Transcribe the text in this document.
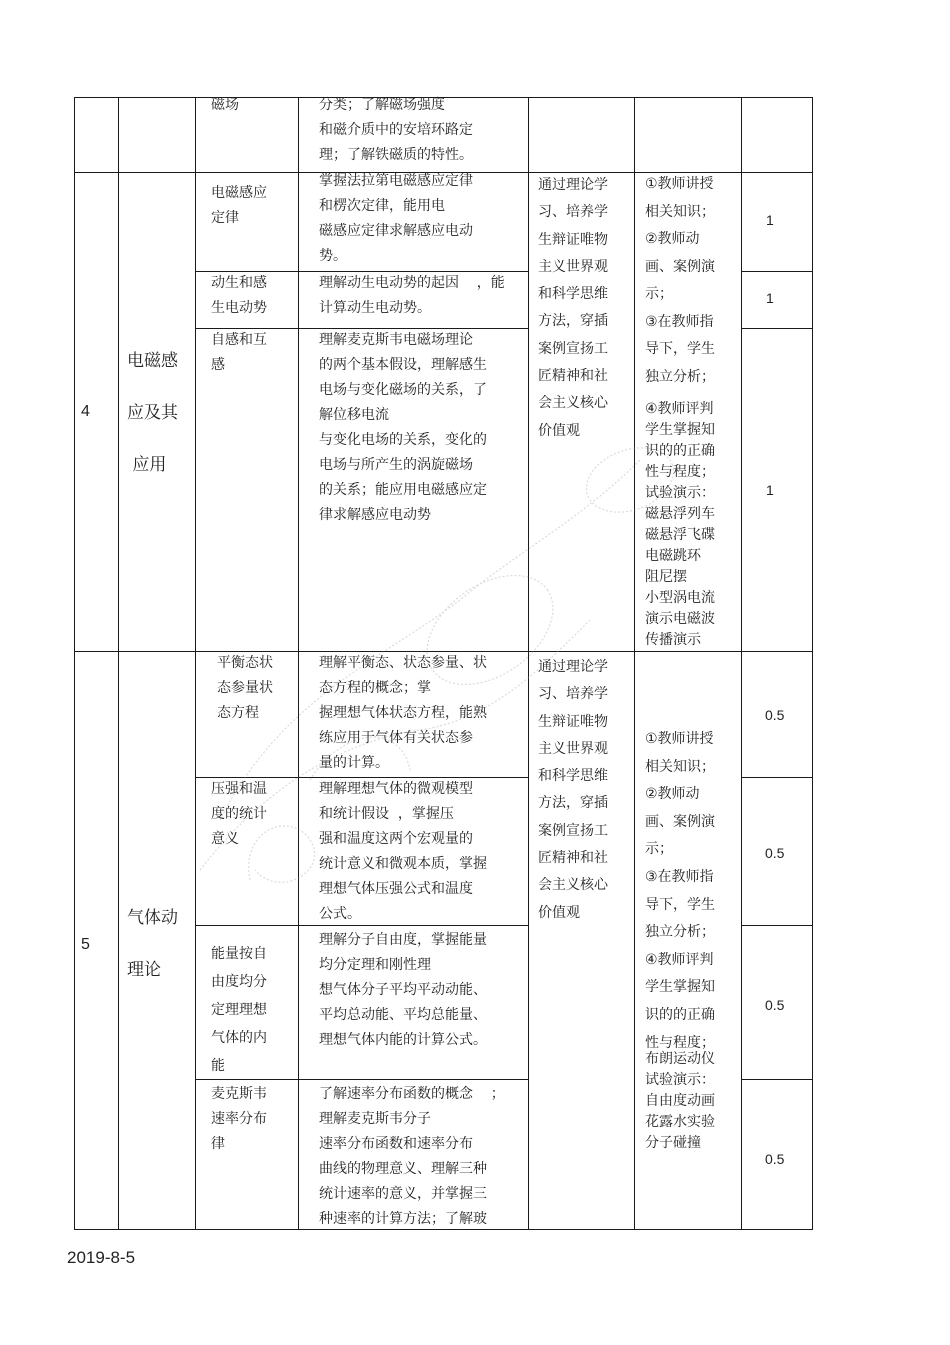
磁场	分类；了解磁场强度
和磁介质中的安培环路定
理；了解铁磁质的特性。
4
电磁感
应及其
应用
电磁感应
定律
掌握法拉第电磁感应定律
和楞次定律，能用电
磁感应定律求解感应电动
势。
1
动生和感
生电动势
理解动生电动势的起因    ，能
计算动生电动势。
1
自感和互
感
理解麦克斯韦电磁场理论
的两个基本假设，理解感生
电场与变化磁场的关系，了
解位移电流
与变化电场的关系，变化的
电场与所产生的涡旋磁场
的关系；能应用电磁感应定
律求解感应电动势
1
通过理论学
习、培养学
生辩证唯物
主义世界观
和科学思维
方法，穿插
案例宣扬工
匠精神和社
会主义核心
价值观
①教师讲授
相关知识；
②教师动
画、案例演
示；
③在教师指
导下，学生
独立分析；
④教师评判
学生掌握知
识的的正确
性与程度；
试验演示：
磁悬浮列车
磁悬浮飞碟
电磁跳环
阻尼摆
小型涡电流
演示电磁波
传播演示
5
气体动
理论
平衡态状
态参量状
态方程
理解平衡态、状态参量、状
态方程的概念；掌
握理想气体状态方程，能熟
练应用于气体有关状态参
量的计算。
0.5
压强和温
度的统计
意义
理解理想气体的微观模型
和统计假设  ，掌握压
强和温度这两个宏观量的
统计意义和微观本质，掌握
理想气体压强公式和温度
公式。
0.5
能量按自
由度均分
定理理想
气体的内
能
理解分子自由度，掌握能量
均分定理和刚性理
想气体分子平均平动动能、
平均总动能、平均总能量、
理想气体内能的计算公式。
0.5
麦克斯韦
速率分布
律
了解速率分布函数的概念    ；
理解麦克斯韦分子
速率分布函数和速率分布
曲线的物理意义、理解三种
统计速率的意义，并掌握三
种速率的计算方法；了解玻
0.5
通过理论学
习、培养学
生辩证唯物
主义世界观
和科学思维
方法，穿插
案例宣扬工
匠精神和社
会主义核心
价值观
①教师讲授
相关知识；
②教师动
画、案例演
示；
③在教师指
导下，学生
独立分析；
④教师评判
学生掌握知
识的的正确
性与程度；
布朗运动仪
试验演示：
自由度动画
花露水实验
分子碰撞
2019-8-5
